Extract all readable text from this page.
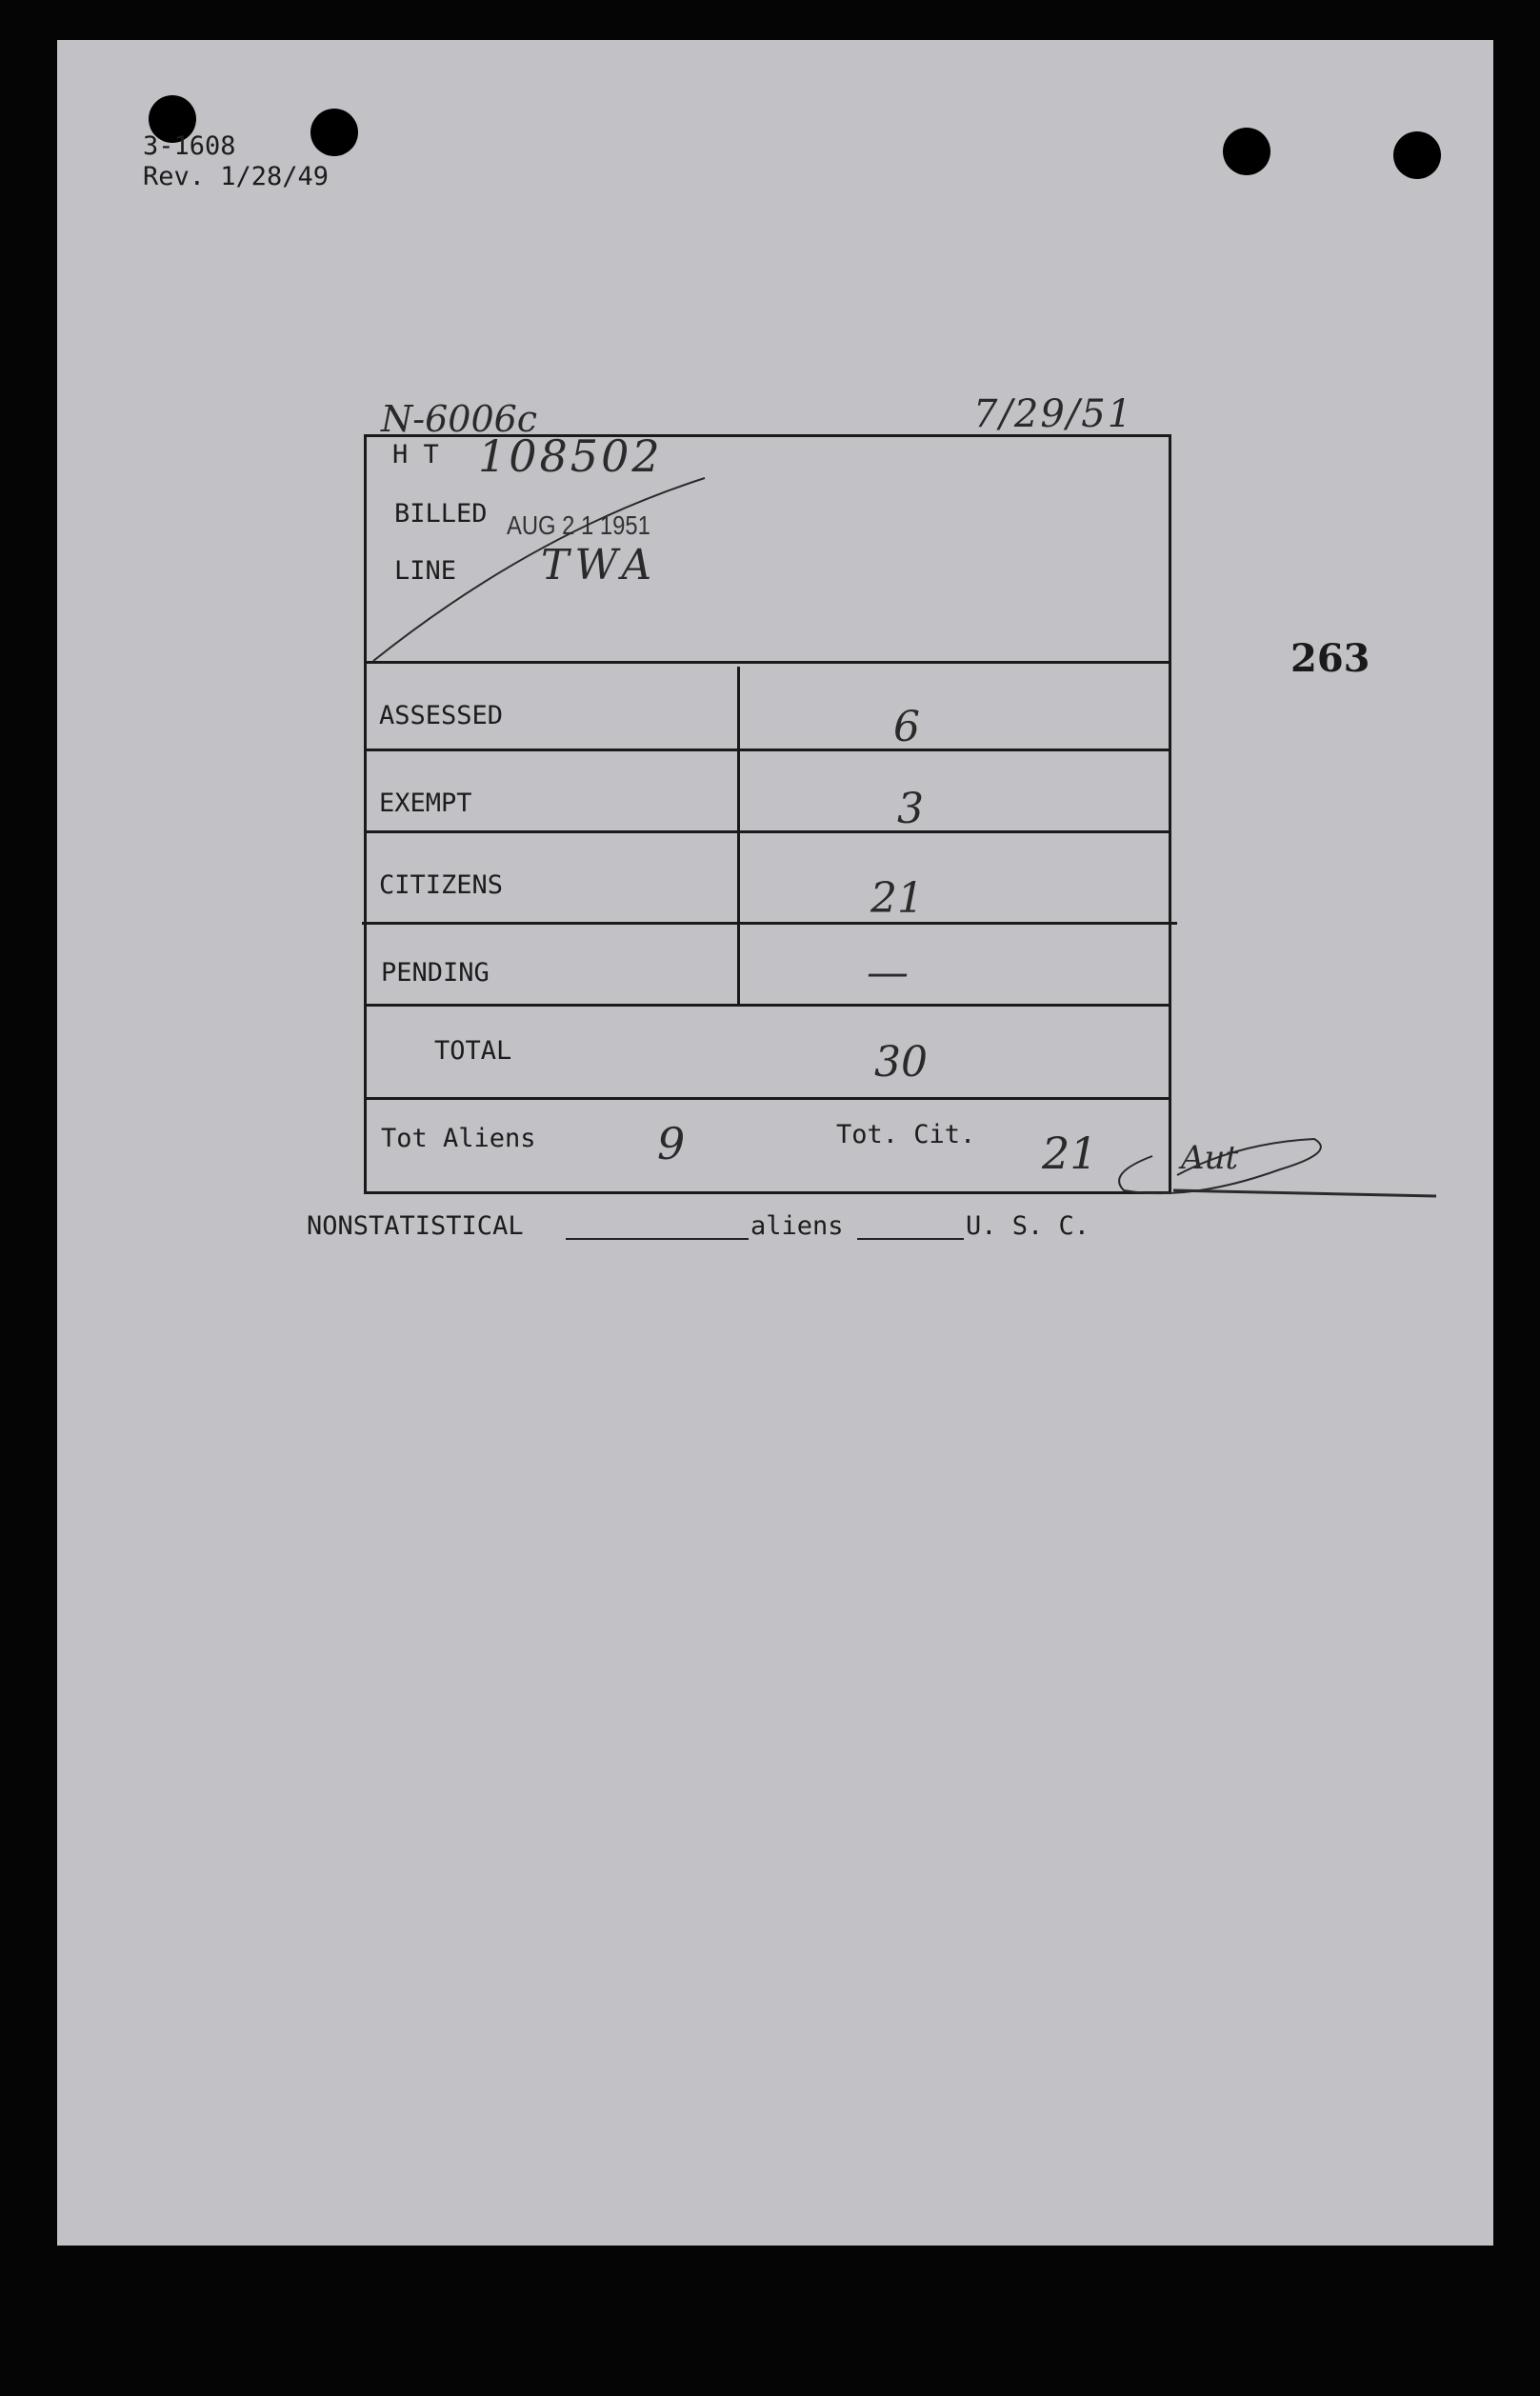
3-1608
Rev. 1/28/49
N-6006c	7/29/51
263
H T 108502
BILLED AUG 2 1 1951
LINE TWA
ASSESSED	6
EXEMPT	3
CITIZENS	21
PENDING	—
TOTAL	30
Tot Aliens	9	Tot. Cit. 21	Aut
NONSTATISTICAL	aliens	U. S. C.
